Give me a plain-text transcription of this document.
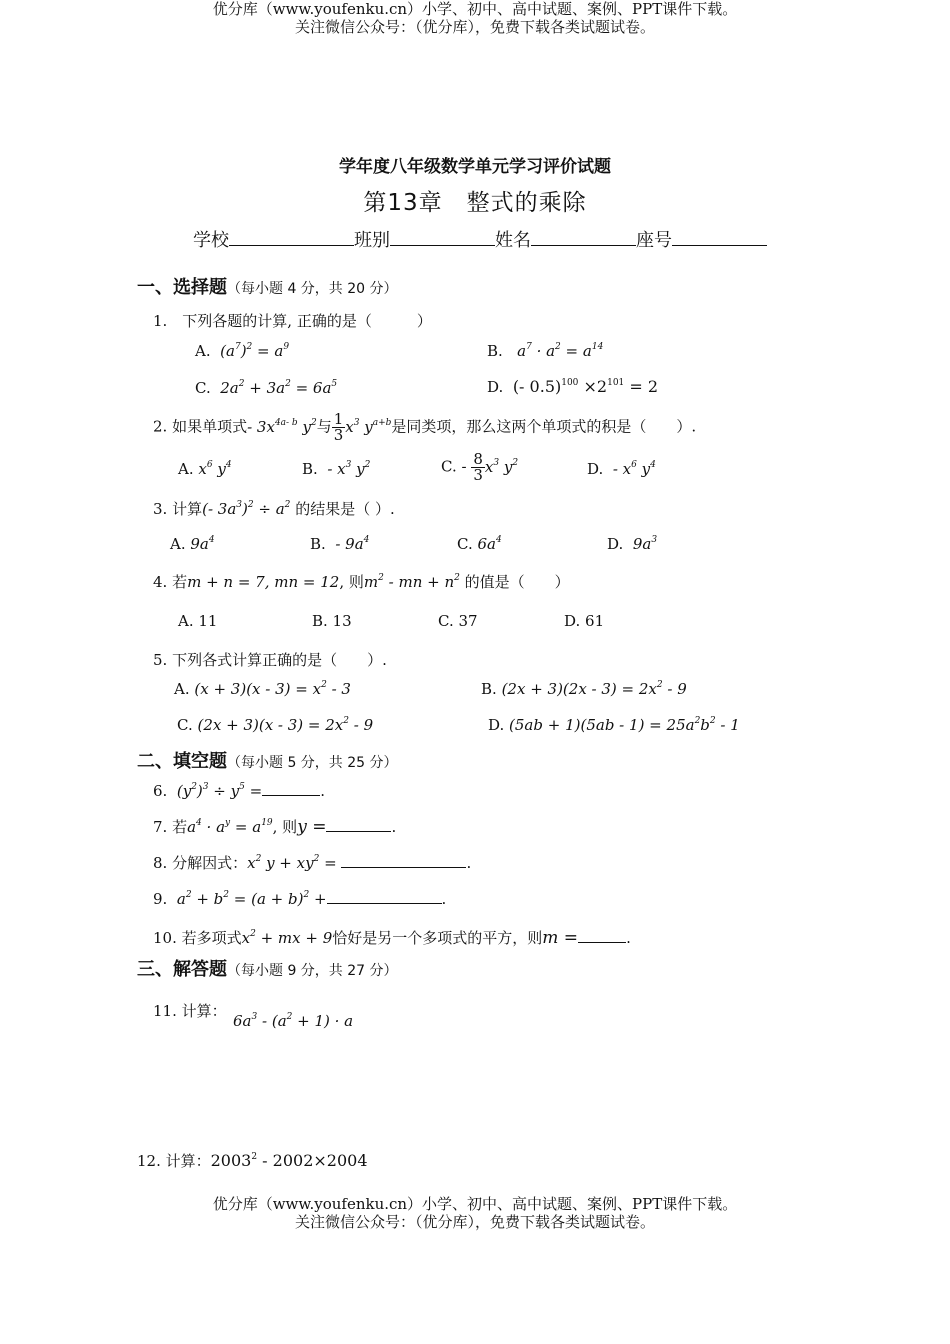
优分库（www.youfenku.cn）小学、初中、高中试题、案例、PPT课件下载。
关注微信公众号：（优分库），免费下载各类试题试卷。
学年度八年级数学单元学习评价试题
第13章　整式的乘除
学校	班别	姓名	座号
一、选择题（每小题 4 分，共 20 分）
1.　下列各题的计算, 正确的是（　　　）
A. $(a^7)^2 = a^9$	B. $a^7 \cdot a^2 = a^{14}$
C. $2a^2 + 3a^2 = 6a^5$	D. (- $0.5)^{100} \times 2^{101} = 2$
2. 如果单项式- $3x^{4a- b}$ $y^2$与 $\frac{1}{3} x^3$ $y^{a+b}$是同类项，那么这两个单项式的积是（　　）.
A. $x^6$ $y^4$	B. - $x^3$ $y^2$	C. - $\frac{8}{3} x^3$ $y^2$	D. - $x^6$ $y^4$
3. 计算(- $3a^3)^2 \div a^2$ 的结果是（ ）.
A. $9a^4$	B. - $9a^4$	C. $6a^4$	D. $9a^3$
4. 若m + n = 7, mn = 12, 则$m^2$ - mn + $n^2$ 的值是（　　）
A. 11	B. 13	C. 37	D. 61
5. 下列各式计算正确的是（　　）.
A. $(x + 3)(x - 3) = x^2 - 3$	B. $(2x + 3)(2x - 3) = 2x^2 - 9$
C. $(2x + 3)(x - 3) = 2x^2 - 9$	D. $(5ab + 1)(5ab - 1) = 25a^2b^2 - 1$
二、填空题（每小题 5 分，共 25 分）
6. $(y^2)^3 \div y^5$ =	.
7. 若$a^4 \cdot a^y = a^{19}$, 则y =	.
8. 分解因式：$x^2$ $y + xy^2$ =	.
9. $a^2 + b^2 = (a + b)^2$ +	.
10. 若多项式$x^2$ + mx + 9恰好是另一个多项式的平方，则m =	.
三、解答题（每小题 9 分，共 27 分）
11. 计算：
$6a^3 - (a^2 + 1) \cdot a$
12. 计算：2003$^2$ - 2002×2004
优分库（www.youfenku.cn）小学、初中、高中试题、案例、PPT课件下载。
关注微信公众号：（优分库），免费下载各类试题试卷。
